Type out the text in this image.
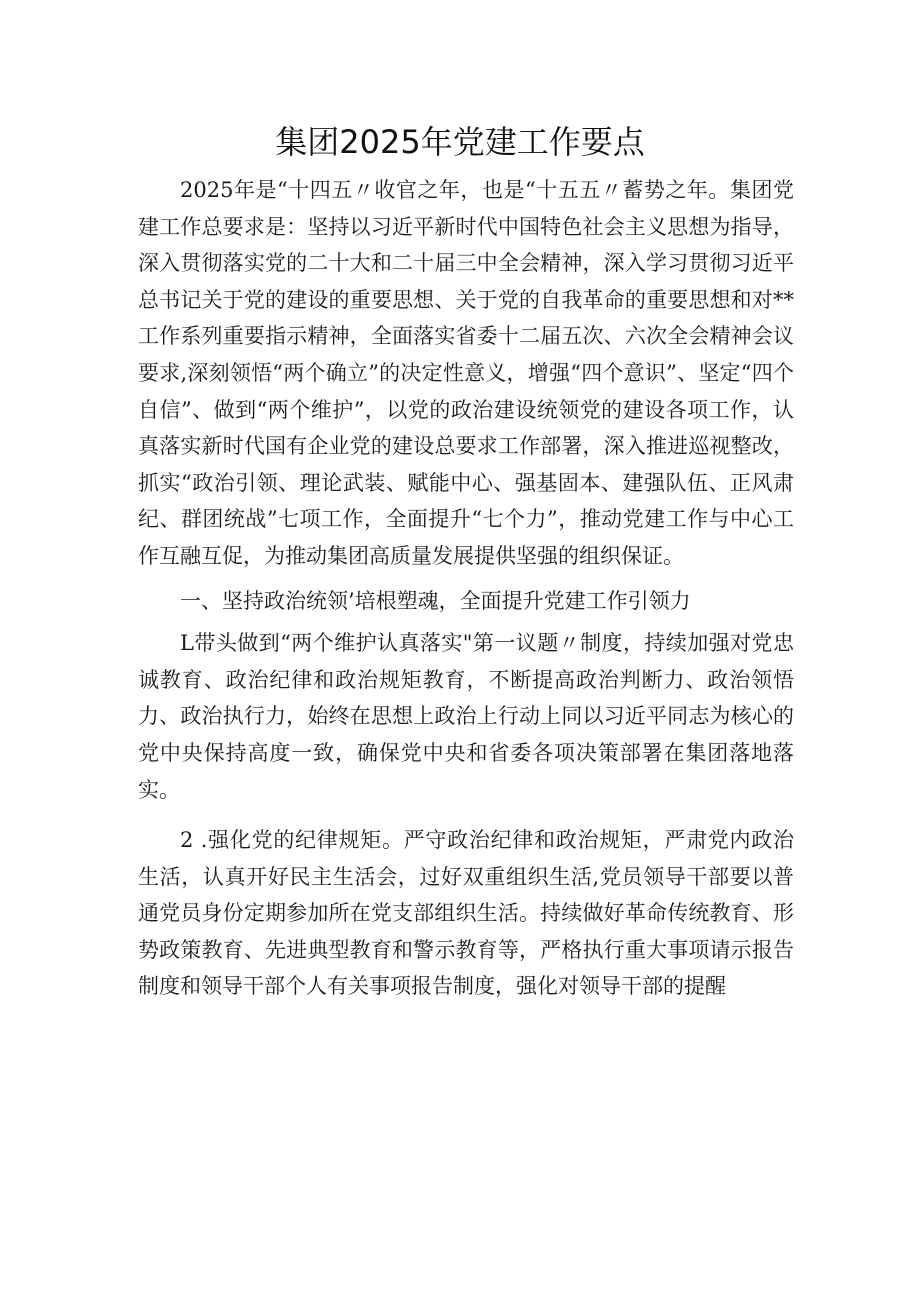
集团2025年党建工作要点

2025年是“十四五〃收官之年，也是“十五五〃蓄势之年。集团党建工作总要求是：坚持以习近平新时代中国特色社会主义思想为指导，深入贯彻落实党的二十大和二十届三中全会精神，深入学习贯彻习近平总书记关于党的建设的重要思想、关于党的自我革命的重要思想和对**工作系列重要指示精神，全面落实省委十二届五次、六次全会精神会议要求,深刻领悟“两个确立”的决定性意义，增强“四个意识”、坚定“四个自信”、做到“两个维护”，以党的政治建设统领党的建设各项工作，认真落实新时代国有企业党的建设总要求工作部署，深入推进巡视整改，抓实“政治引领、理论武装、赋能中心、强基固本、建强队伍、正风肃纪、群团统战”七项工作，全面提升“七个力”，推动党建工作与中心工作互融互促，为推动集团高质量发展提供坚强的组织保证。

一、坚持政治统领’培根塑魂，全面提升党建工作引领力

L带头做到“两个维护认真落实"第一议题〃制度，持续加强对党忠诚教育、政治纪律和政治规矩教育，不断提高政治判断力、政治领悟力、政治执行力，始终在思想上政治上行动上同以习近平同志为核心的党中央保持高度一致，确保党中央和省委各项决策部署在集团落地落实。

2 .强化党的纪律规矩。严守政治纪律和政治规矩，严肃党内政治生活，认真开好民主生活会，过好双重组织生活,党员领导干部要以普通党员身份定期参加所在党支部组织生活。持续做好革命传统教育、形势政策教育、先进典型教育和警示教育等，严格执行重大事项请示报告制度和领导干部个人有关事项报告制度，强化对领导干部的提醒
